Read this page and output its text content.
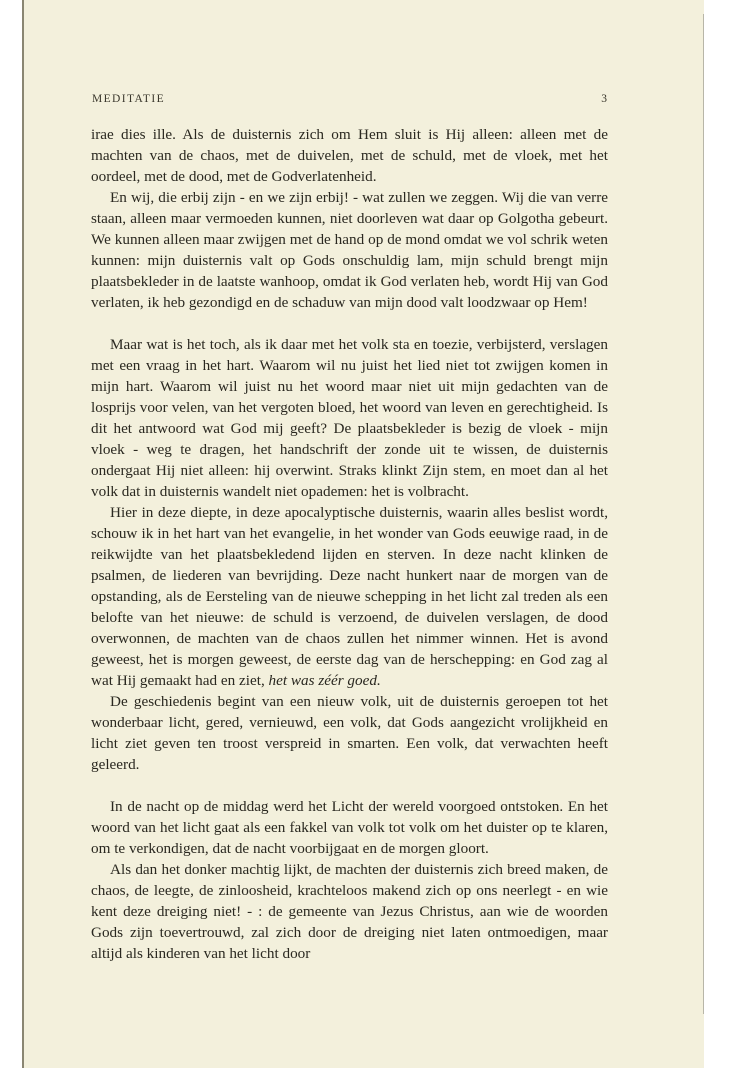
MEDITATIE	3

irae dies ille. Als de duisternis zich om Hem sluit is Hij alleen: alleen met de machten van de chaos, met de duivelen, met de schuld, met de vloek, met het oordeel, met de dood, met de Godverlatenheid.

En wij, die erbij zijn - en we zijn erbij! - wat zullen we zeggen. Wij die van verre staan, alleen maar vermoeden kunnen, niet doorleven wat daar op Golgotha gebeurt. We kunnen alleen maar zwijgen met de hand op de mond omdat we vol schrik weten kunnen: mijn duisternis valt op Gods onschuldig lam, mijn schuld brengt mijn plaatsbekleder in de laatste wanhoop, omdat ik God verlaten heb, wordt Hij van God verlaten, ik heb gezondigd en de schaduw van mijn dood valt loodzwaar op Hem!

Maar wat is het toch, als ik daar met het volk sta en toezie, verbijsterd, verslagen met een vraag in het hart. Waarom wil nu juist het lied niet tot zwijgen komen in mijn hart. Waarom wil juist nu het woord maar niet uit mijn gedachten van de losprijs voor velen, van het vergoten bloed, het woord van leven en gerechtigheid. Is dit het antwoord wat God mij geeft? De plaatsbekleder is bezig de vloek - mijn vloek - weg te dragen, het handschrift der zonde uit te wissen, de duisternis ondergaat Hij niet alleen: hij overwint. Straks klinkt Zijn stem, en moet dan al het volk dat in duisternis wandelt niet opademen: het is volbracht.

Hier in deze diepte, in deze apocalyptische duisternis, waarin alles beslist wordt, schouw ik in het hart van het evangelie, in het wonder van Gods eeuwige raad, in de reikwijdte van het plaatsbekledend lijden en sterven. In deze nacht klinken de psalmen, de liederen van bevrijding. Deze nacht hunkert naar de morgen van de opstanding, als de Eersteling van de nieuwe schepping in het licht zal treden als een belofte van het nieuwe: de schuld is verzoend, de duivelen verslagen, de dood overwonnen, de machten van de chaos zullen het nimmer winnen. Het is avond geweest, het is morgen geweest, de eerste dag van de herschepping: en God zag al wat Hij gemaakt had en ziet, het was zéér goed.

De geschiedenis begint van een nieuw volk, uit de duisternis geroepen tot het wonderbaar licht, gered, vernieuwd, een volk, dat Gods aangezicht vrolijkheid en licht ziet geven ten troost verspreid in smarten. Een volk, dat verwachten heeft geleerd.

In de nacht op de middag werd het Licht der wereld voorgoed ontstoken. En het woord van het licht gaat als een fakkel van volk tot volk om het duister op te klaren, om te verkondigen, dat de nacht voorbijgaat en de morgen gloort.

Als dan het donker machtig lijkt, de machten der duisternis zich breed maken, de chaos, de leegte, de zinloosheid, krachteloos makend zich op ons neerlegt - en wie kent deze dreiging niet! - : de gemeente van Jezus Christus, aan wie de woorden Gods zijn toevertrouwd, zal zich door de dreiging niet laten ontmoedigen, maar altijd als kinderen van het licht door
